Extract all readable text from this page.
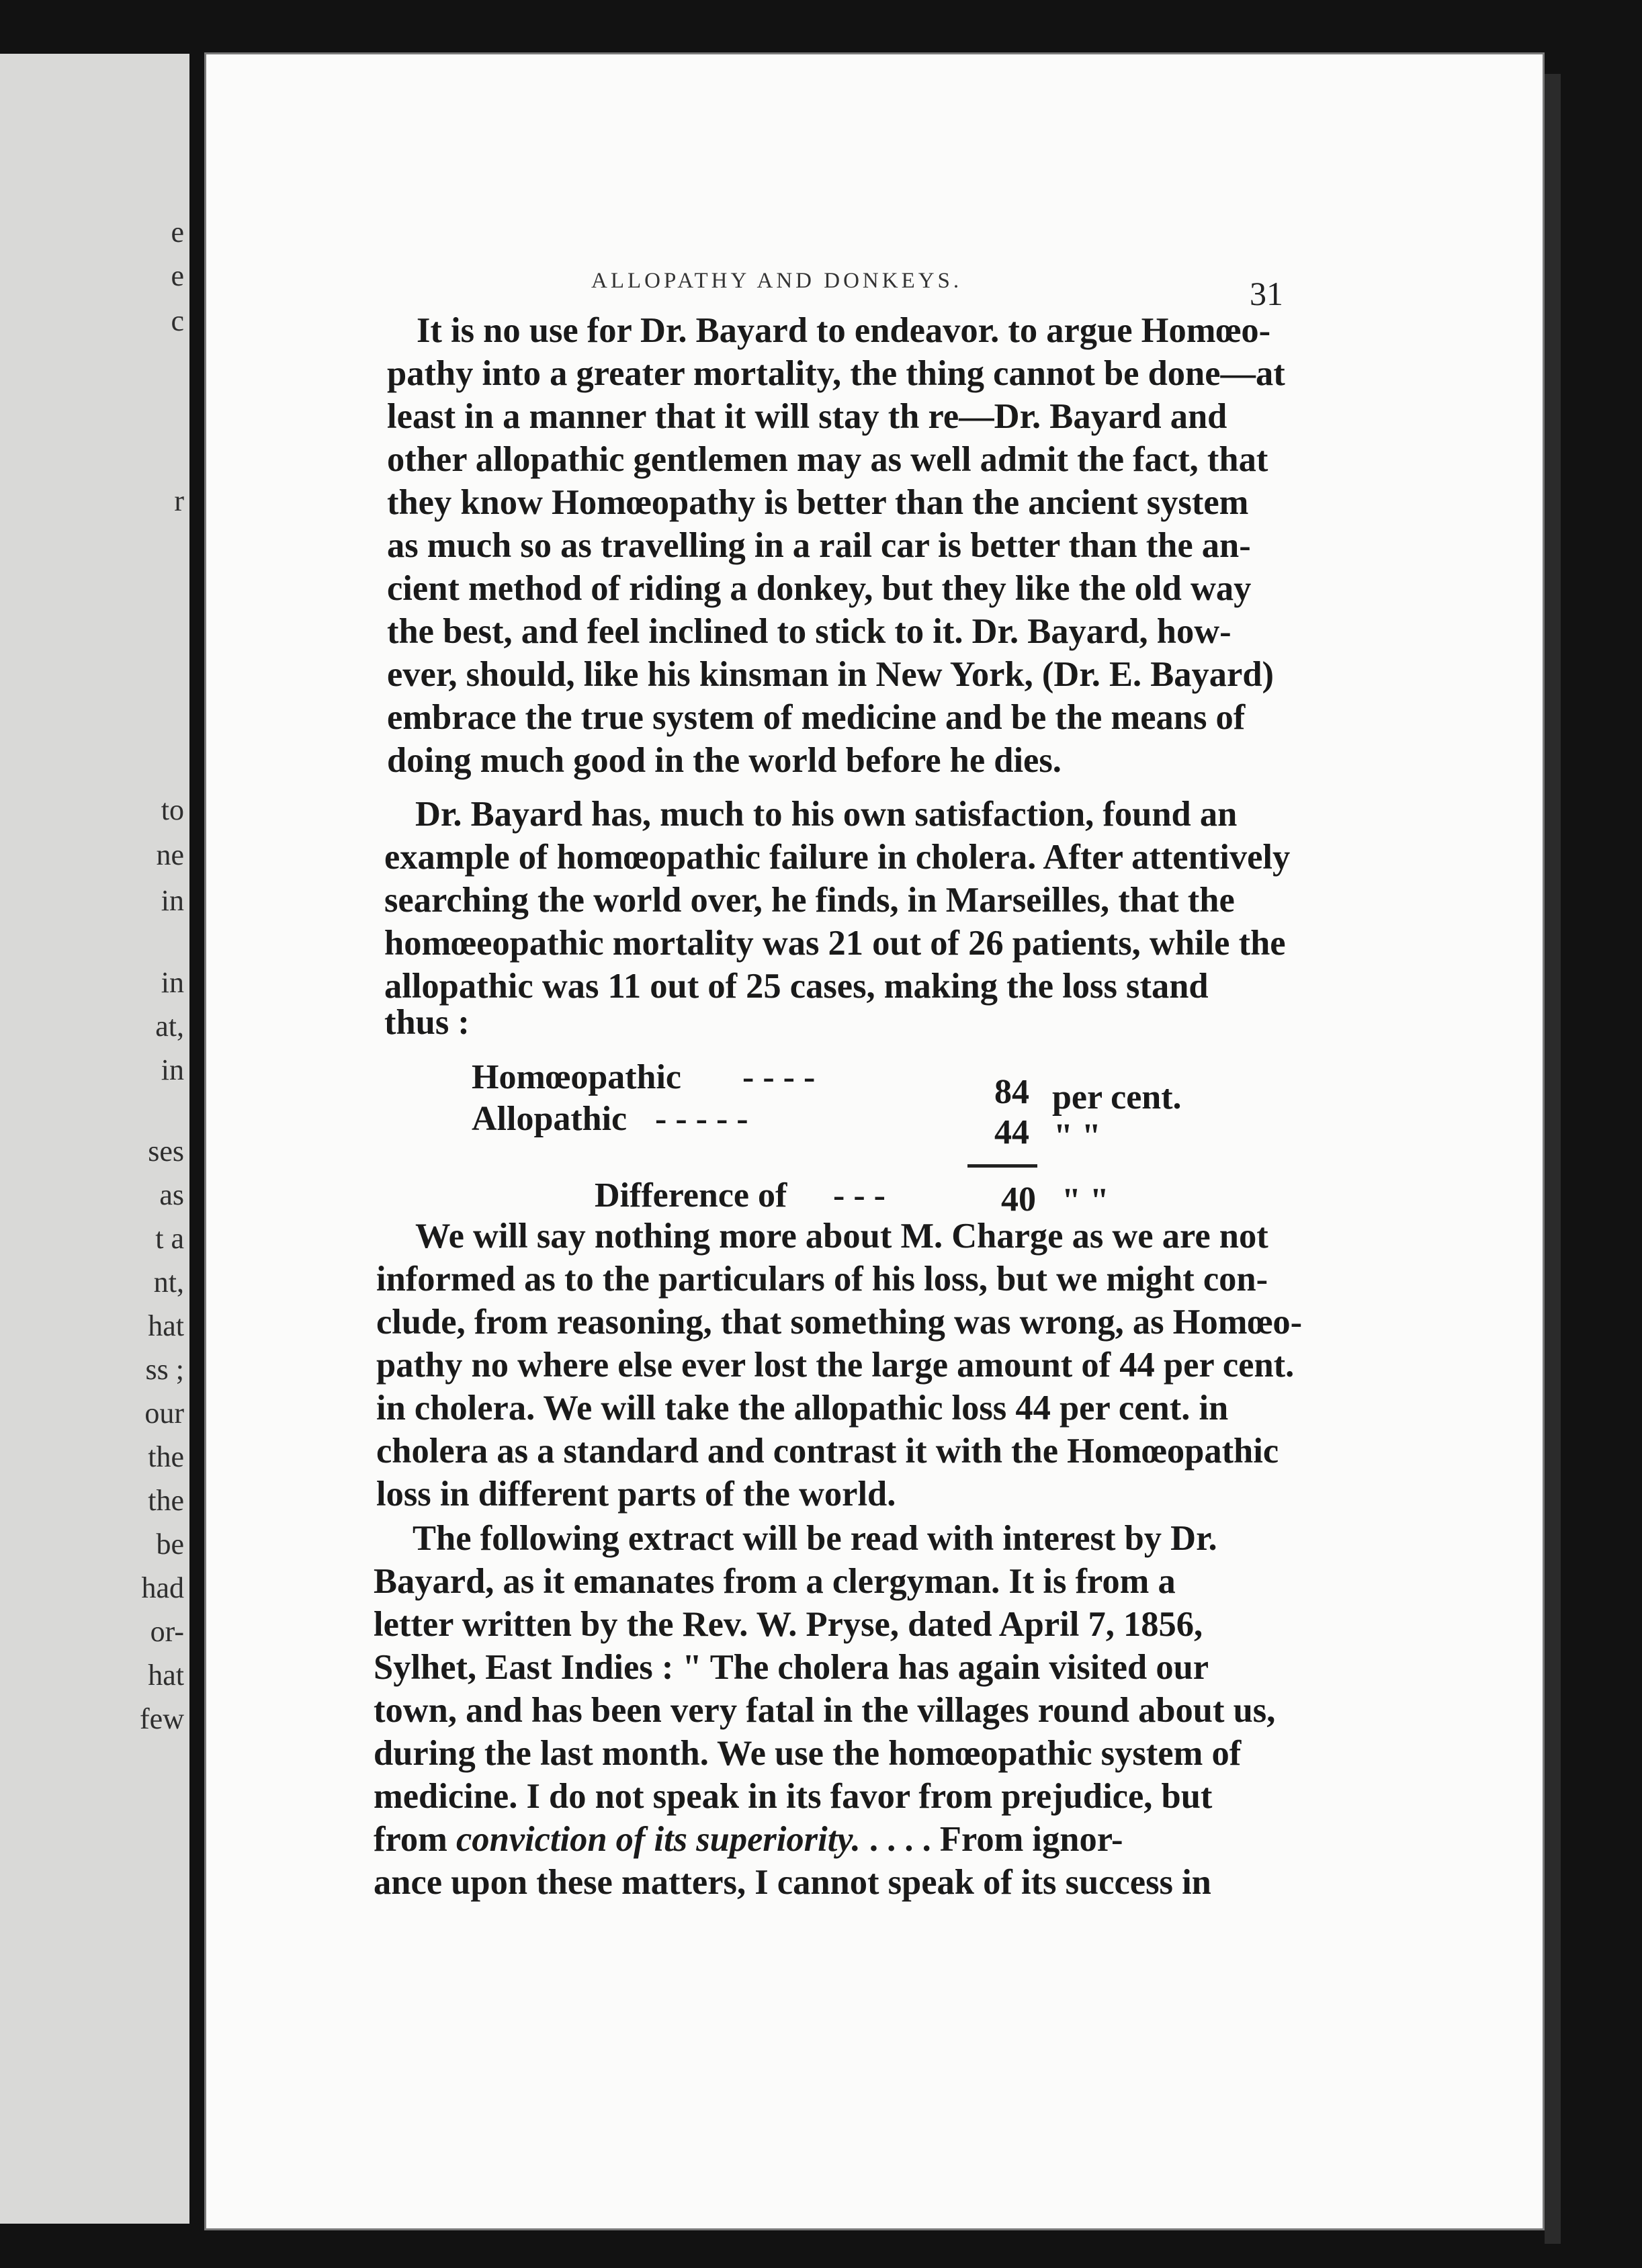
e
e
c
r
to
ne
in
in
at,
in
ses
as
t a
nt,
hat
ss ;
our
the
the
be
had
or-
hat
few
ALLOPATHY AND DONKEYS.	31
It is no use for Dr. Bayard to endeavor. to argue Homœo-
pathy into a greater mortality, the thing cannot be done—at
least in a manner that it will stay th re—Dr. Bayard and
other allopathic gentlemen may as well admit the fact, that
they know Homœopathy is better than the ancient system
as much so as travelling in a rail car is better than the an-
cient method of riding a donkey, but they like the old way
the best, and feel inclined to stick to it. Dr. Bayard, how-
ever, should, like his kinsman in New York, (Dr. E. Bayard)
embrace the true system of medicine and be the means of
doing much good in the world before he dies.
Dr. Bayard has, much to his own satisfaction, found an
example of homœopathic failure in cholera. After attentively
searching the world over, he finds, in Marseilles, that the
homœeopathic mortality was 21 out of 26 patients, while the
allopathic was 11 out of 25 cases, making the loss stand
thus :
Homœopathic - - - -	84 per cent.
Allopathic - - - - -	44 " "
Difference of - - -	40 " "
We will say nothing more about M. Charge as we are not
informed as to the particulars of his loss, but we might con-
clude, from reasoning, that something was wrong, as Homœo-
pathy no where else ever lost the large amount of 44 per cent.
in cholera. We will take the allopathic loss 44 per cent. in
cholera as a standard and contrast it with the Homœopathic
loss in different parts of the world.
The following extract will be read with interest by Dr.
Bayard, as it emanates from a clergyman. It is from a
letter written by the Rev. W. Pryse, dated April 7, 1856,
Sylhet, East Indies : " The cholera has again visited our
town, and has been very fatal in the villages round about us,
during the last month. We use the homœopathic system of
medicine. I do not speak in its favor from prejudice, but
from conviction of its superiority. . . . . From ignor-
ance upon these matters, I cannot speak of its success in
